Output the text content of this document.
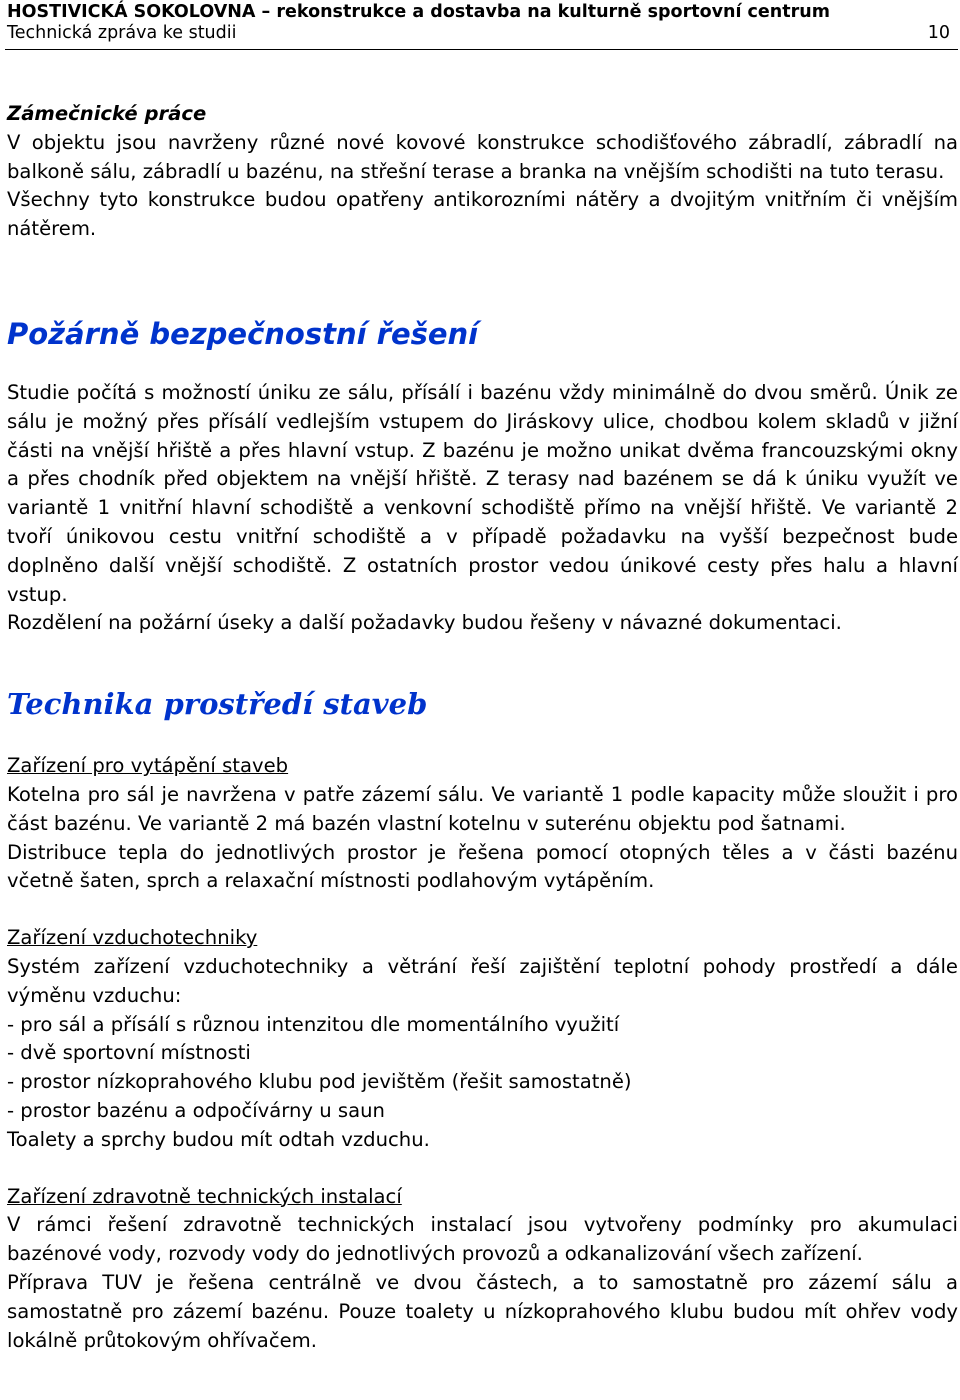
HOSTIVICKÁ SOKOLOVNA – rekonstrukce a dostavba na kulturně sportovní centrum
Technická zpráva ke studii	10

Zámečnické práce

V objektu jsou navrženy různé nové kovové konstrukce schodišťového zábradlí, zábradlí na balkoně sálu, zábradlí u bazénu, na střešní terase a branka na vnějším schodišti na tuto terasu.

Všechny tyto konstrukce budou opatřeny antikorozními nátěry a dvojitým vnitřním či vnějším nátěrem.

Požárně bezpečnostní řešení

Studie počítá s možností úniku ze sálu, přísálí i bazénu vždy minimálně do dvou směrů. Únik ze sálu je možný přes přísálí vedlejším vstupem do Jiráskovy ulice, chodbou kolem skladů v jižní části na vnější hřiště a přes hlavní vstup. Z bazénu je možno unikat dvěma francouzskými okny a přes chodník před objektem na vnější hřiště. Z terasy nad bazénem se dá k úniku využít ve variantě 1 vnitřní hlavní schodiště a venkovní schodiště přímo na vnější hřiště. Ve variantě 2 tvoří únikovou cestu vnitřní schodiště a v případě požadavku na vyšší bezpečnost bude doplněno další vnější schodiště. Z ostatních prostor vedou únikové cesty přes halu a hlavní vstup.

Rozdělení na požární úseky a další požadavky budou řešeny v návazné dokumentaci.

Technika prostředí staveb

Zařízení pro vytápění staveb

Kotelna pro sál je navržena v patře zázemí sálu. Ve variantě 1 podle kapacity může sloužit i pro část bazénu. Ve variantě 2 má bazén vlastní kotelnu v suterénu objektu pod šatnami.

Distribuce tepla do jednotlivých prostor je řešena pomocí otopných těles a v části bazénu včetně šaten, sprch a relaxační místnosti podlahovým vytápěním.

Zařízení vzduchotechniky

Systém zařízení vzduchotechniky a větrání řeší zajištění teplotní pohody prostředí a dále výměnu vzduchu:

- pro sál a přísálí s různou intenzitou dle momentálního využití
- dvě sportovní místnosti
- prostor nízkoprahového klubu pod jevištěm (řešit samostatně)
- prostor bazénu a odpočívárny u saun

Toalety a sprchy budou mít odtah vzduchu.

Zařízení zdravotně technických instalací

V rámci řešení zdravotně technických instalací jsou vytvořeny podmínky pro akumulaci bazénové vody, rozvody vody do jednotlivých provozů a odkanalizování všech zařízení.

Příprava TUV je řešena centrálně ve dvou částech, a to samostatně pro zázemí sálu a samostatně pro zázemí bazénu. Pouze toalety u nízkoprahového klubu budou mít ohřev vody lokálně průtokovým ohřívačem.
